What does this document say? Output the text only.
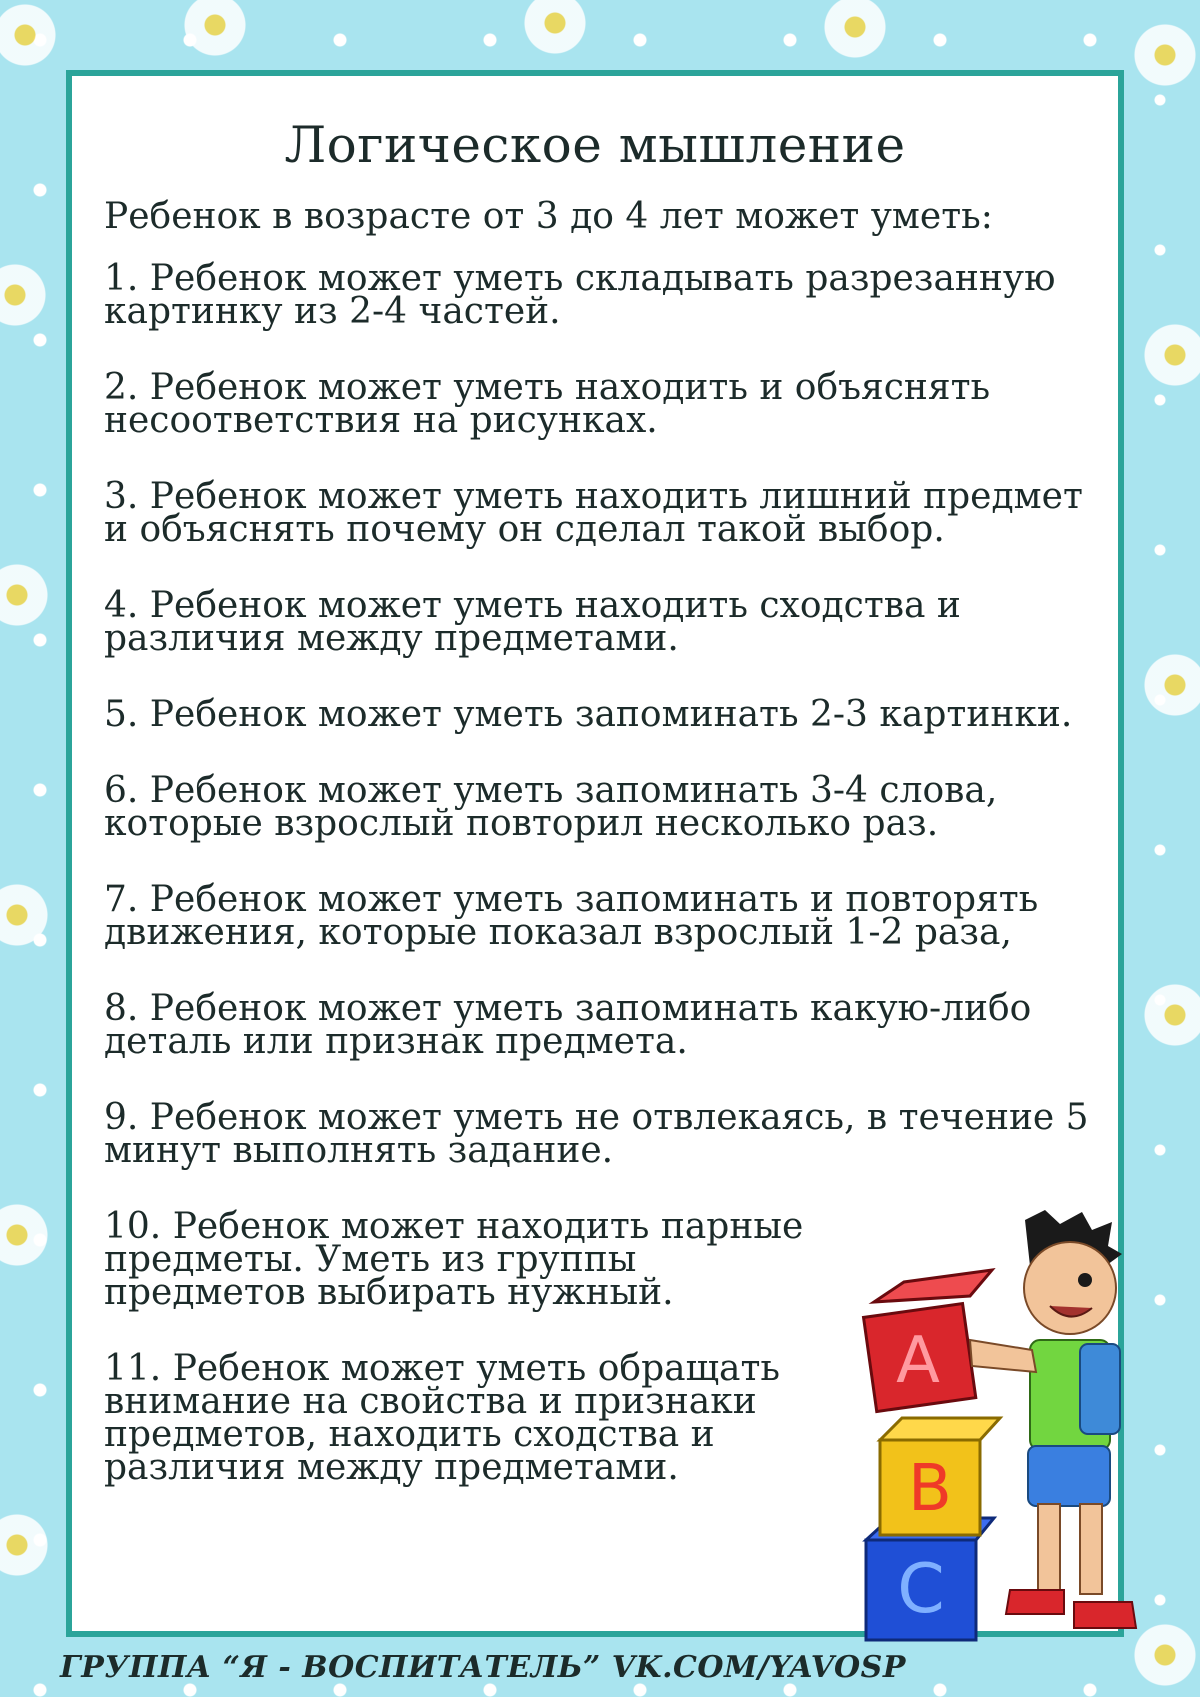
Логическое мышление
Ребенок в возрасте от 3 до 4 лет может уметь:
1. Ребенок может уметь складывать разрезанную картинку из 2-4 частей.
2. Ребенок может уметь находить и объяснять несоответствия на рисунках.
3. Ребенок может уметь находить лишний предмет и объяснять почему он сделал такой выбор.
4. Ребенок может уметь находить сходства и различия между предметами.
5. Ребенок может уметь запоминать 2-3 картинки.
6. Ребенок может уметь запоминать 3-4 слова, которые взрослый повторил несколько раз.
7. Ребенок может уметь запоминать и повторять движения, которые показал взрослый 1-2 раза,
8. Ребенок может уметь запоминать какую-либо деталь или признак предмета.
9. Ребенок может уметь не отвлекаясь, в течение 5 минут выполнять задание.
10. Ребенок может находить парные предметы. Уметь из группы предметов выбирать нужный.
11. Ребенок может уметь обращать внимание на свойства и признаки предметов, находить сходства и различия между предметами.
C
B
A
ГРУППА “Я - ВОСПИТАТЕЛЬ” VK.COM/YAVOSP
